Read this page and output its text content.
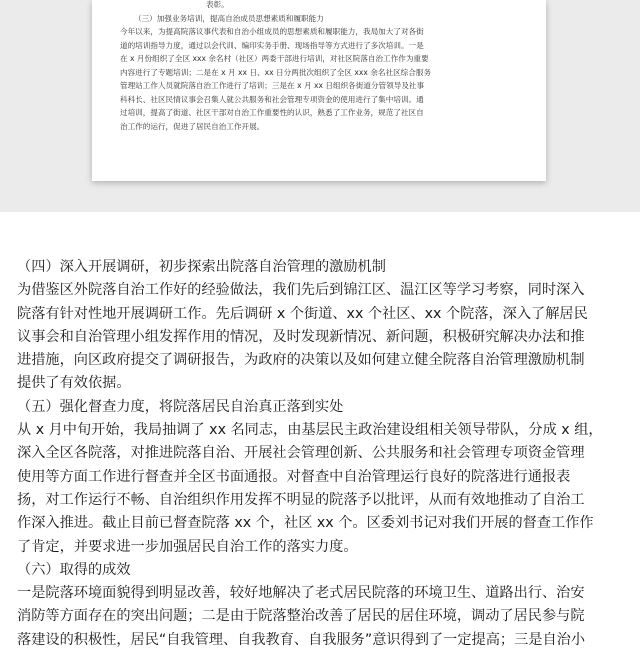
表彰。

（三）加强业务培训，提高自治成员思想素质和履职能力

今年以来，为提高院落议事代表和自治小组成员的思想素质和履职能力，我局加大了对各街

道的培训指导力度，通过以会代训、编印实务手册、现场指导等方式进行了多次培训。一是

在 x 月份组织了全区 xxx 余名村（社区）两委干部进行培训，对社区院落自治工作作为重要

内容进行了专题培训；二是在 x 月 xx 日、xx 日分两批次组织了全区 xxx 余名社区综合服务

管理站工作人员就院落自治工作进行了培训；三是在 x 月 xx 日组织各街道分管领导及社事

科科长、社区民情议事会召集人就公共服务和社会管理专项资金的使用进行了集中培训。通

过培训，提高了街道、社区干部对自治工作重要性的认识，熟悉了工作业务，规范了社区自

治工作的运行，促进了居民自治工作开展。

（四）深入开展调研，初步探索出院落自治管理的激励机制

为借鉴区外院落自治工作好的经验做法，我们先后到锦江区、温江区等学习考察，同时深入

院落有针对性地开展调研工作。先后调研 x 个街道、xx 个社区、xx 个院落，深入了解居民

议事会和自治管理小组发挥作用的情况，及时发现新情况、新问题，积极研究解决办法和推

进措施，向区政府提交了调研报告，为政府的决策以及如何建立健全院落自治管理激励机制

提供了有效依据。

（五）强化督查力度，将院落居民自治真正落到实处

从 x 月中旬开始，我局抽调了 xx 名同志，由基层民主政治建设组相关领导带队，分成 x 组，

深入全区各院落，对推进院落自治、开展社会管理创新、公共服务和社会管理专项资金管理

使用等方面工作进行督查并全区书面通报。对督查中自治管理运行良好的院落进行通报表

扬，对工作运行不畅、自治组织作用发挥不明显的院落予以批评，从而有效地推动了自治工

作深入推进。截止目前已督查院落 xx 个，社区 xx 个。区委刘书记对我们开展的督查工作作

了肯定，并要求进一步加强居民自治工作的落实力度。

（六）取得的成效

一是院落环境面貌得到明显改善，较好地解决了老式居民院落的环境卫生、道路出行、治安

消防等方面存在的突出问题；二是由于院落整治改善了居民的居住环境，调动了居民参与院

落建设的积极性，居民“自我管理、自我教育、自我服务”意识得到了一定提高；三是自治小
